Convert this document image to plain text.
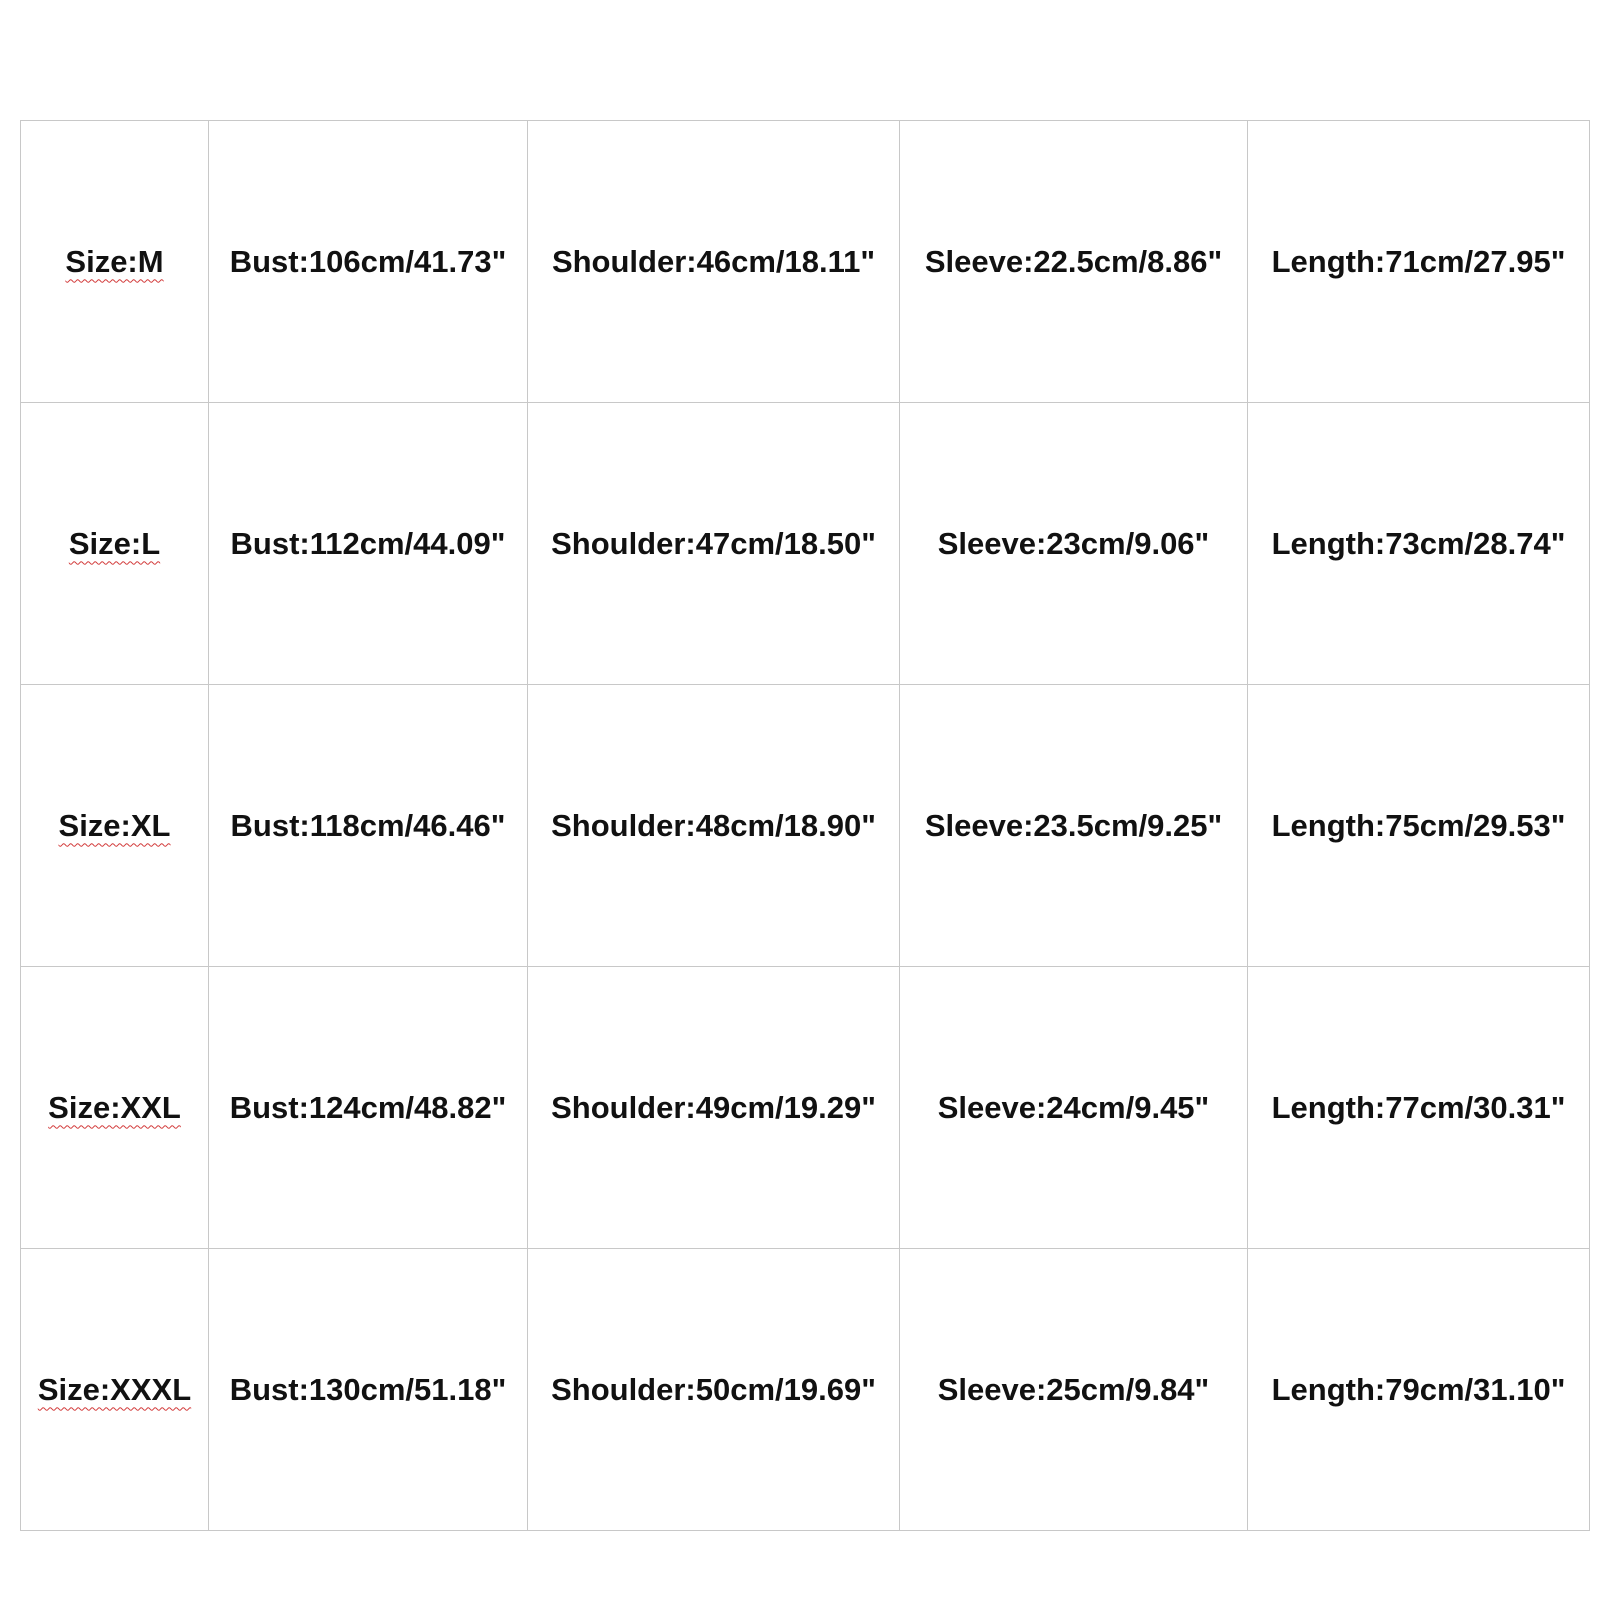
Size:M	Bust:106cm/41.73"	Shoulder:46cm/18.11"	Sleeve:22.5cm/8.86"	Length:71cm/27.95"
Size:L	Bust:112cm/44.09"	Shoulder:47cm/18.50"	Sleeve:23cm/9.06"	Length:73cm/28.74"
Size:XL	Bust:118cm/46.46"	Shoulder:48cm/18.90"	Sleeve:23.5cm/9.25"	Length:75cm/29.53"
Size:XXL	Bust:124cm/48.82"	Shoulder:49cm/19.29"	Sleeve:24cm/9.45"	Length:77cm/30.31"
Size:XXXL	Bust:130cm/51.18"	Shoulder:50cm/19.69"	Sleeve:25cm/9.84"	Length:79cm/31.10"
